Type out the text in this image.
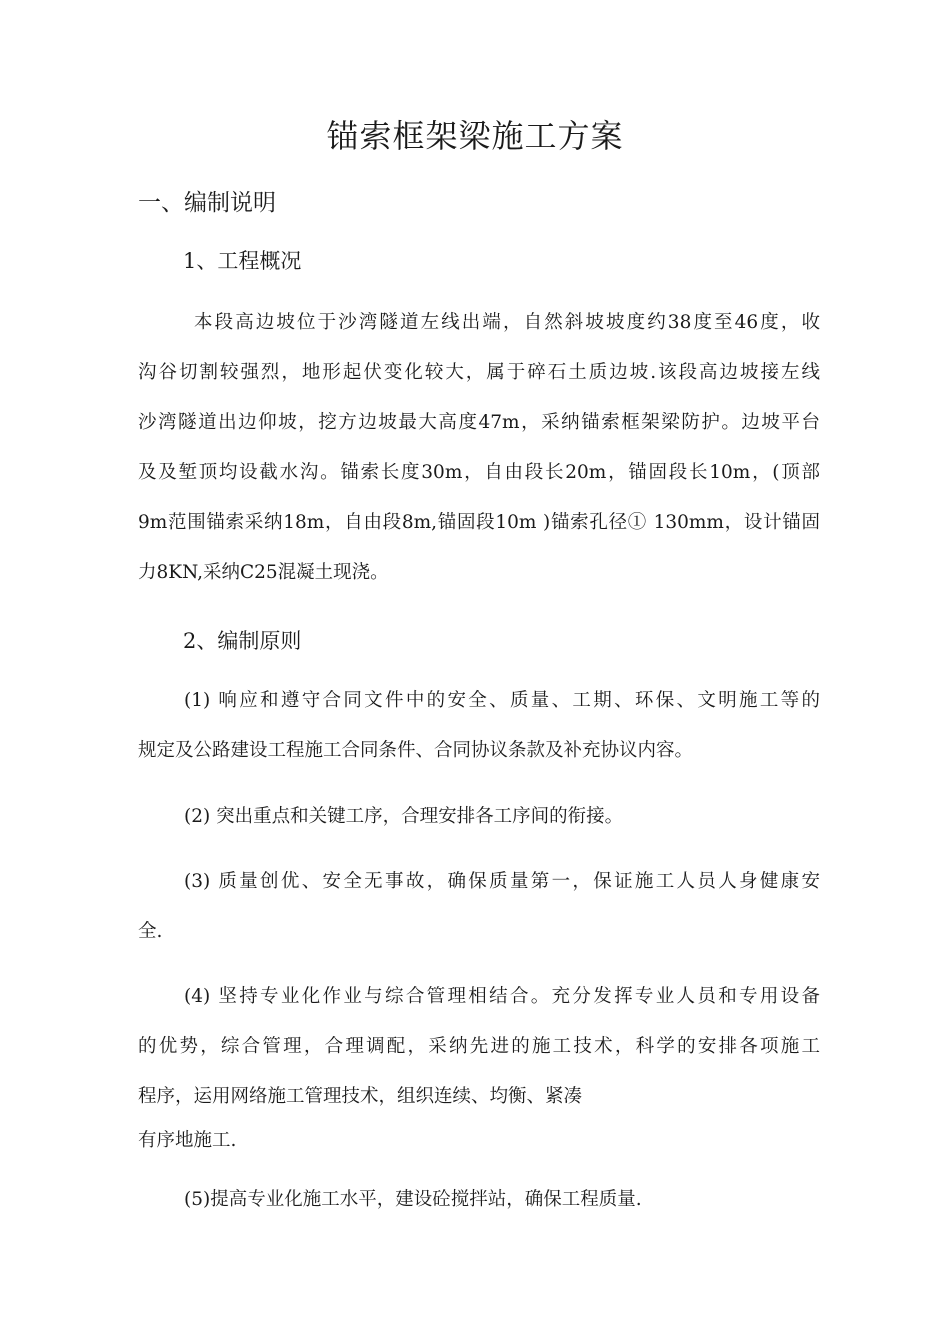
锚索框架梁施工方案
一、编制说明
1、工程概况
本段高边坡位于沙湾隧道左线出端，自然斜坡坡度约38度至46度，收
沟谷切割较强烈，地形起伏变化较大，属于碎石土质边坡.该段高边坡接左线
沙湾隧道出边仰坡，挖方边坡最大高度47m，采纳锚索框架梁防护。边坡平台
及及堑顶均设截水沟。锚索长度30m，自由段长20m，锚固段长10m，(顶部
9m范围锚索采纳18m，自由段8m,锚固段10m )锚索孔径① 130mm，设计锚固
力8KN,采纳C25混凝土现浇。
2、编制原则
(1) 响应和遵守合同文件中的安全、质量、工期、环保、文明施工等的
规定及公路建设工程施工合同条件、合同协议条款及补充协议内容。
(2) 突出重点和关键工序，合理安排各工序间的衔接。
(3) 质量创优、安全无事故，确保质量第一，保证施工人员人身健康安
全.
(4) 坚持专业化作业与综合管理相结合。充分发挥专业人员和专用设备
的优势，综合管理，合理调配，采纳先进的施工技术，科学的安排各项施工
程序，运用网络施工管理技术，组织连续、均衡、紧凑
有序地施工.
(5)提高专业化施工水平，建设砼搅拌站，确保工程质量.
